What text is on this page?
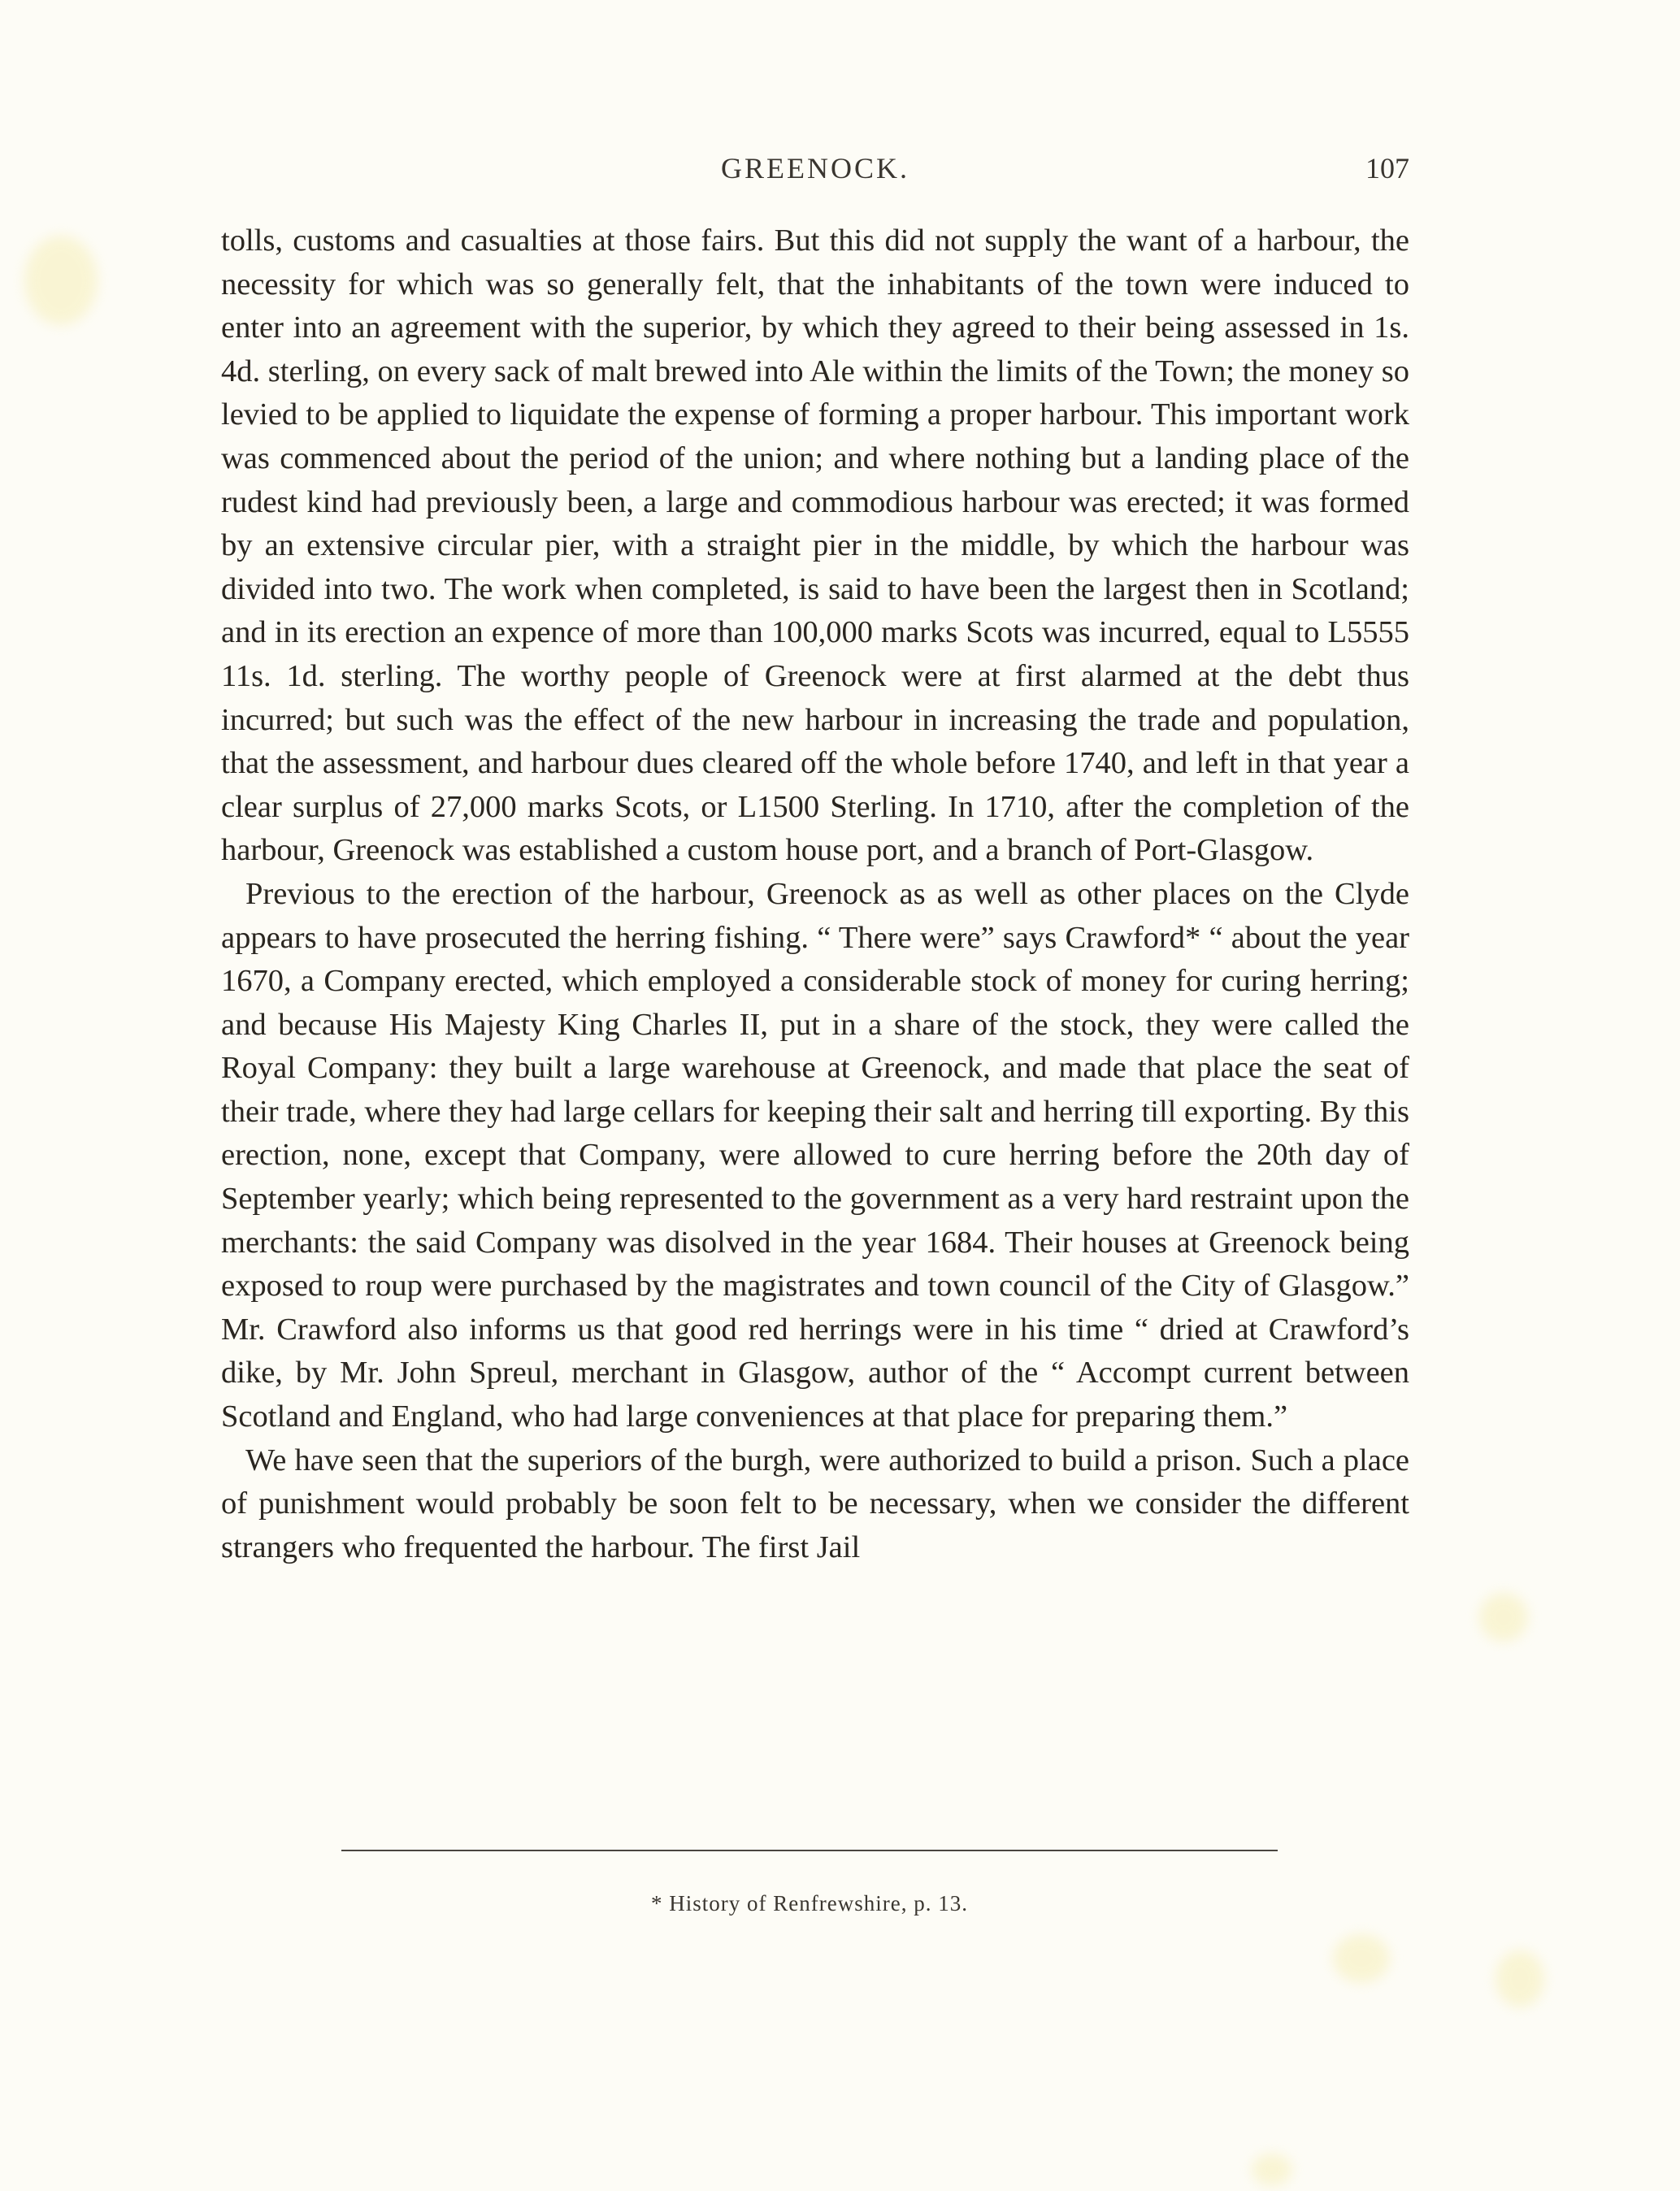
GREENOCK.	107

tolls, customs and casualties at those fairs. But this did not supply the want of a harbour, the necessity for which was so generally felt, that the inhabitants of the town were induced to enter into an agreement with the superior, by which they agreed to their being assessed in 1s. 4d. sterling, on every sack of malt brewed into Ale within the limits of the Town; the money so levied to be applied to liquidate the expense of forming a proper harbour. This important work was commenced about the period of the union; and where nothing but a landing place of the rudest kind had previously been, a large and commodious harbour was erected; it was formed by an extensive circular pier, with a straight pier in the middle, by which the harbour was divided into two. The work when completed, is said to have been the largest then in Scotland; and in its erection an expence of more than 100,000 marks Scots was incurred, equal to L5555 11s. 1d. sterling. The worthy people of Greenock were at first alarmed at the debt thus incurred; but such was the effect of the new harbour in increasing the trade and population, that the assessment, and harbour dues cleared off the whole before 1740, and left in that year a clear surplus of 27,000 marks Scots, or L1500 Sterling. In 1710, after the completion of the harbour, Greenock was established a custom house port, and a branch of Port-Glasgow.

Previous to the erection of the harbour, Greenock as as well as other places on the Clyde appears to have prosecuted the herring fishing. “ There were” says Crawford* “ about the year 1670, a Company erected, which employed a considerable stock of money for curing herring; and because His Majesty King Charles II, put in a share of the stock, they were called the Royal Company: they built a large warehouse at Greenock, and made that place the seat of their trade, where they had large cellars for keeping their salt and herring till exporting. By this erection, none, except that Company, were allowed to cure herring before the 20th day of September yearly; which being represented to the government as a very hard restraint upon the merchants: the said Company was disolved in the year 1684. Their houses at Greenock being exposed to roup were purchased by the magistrates and town council of the City of Glasgow.” Mr. Crawford also informs us that good red herrings were in his time “ dried at Crawford’s dike, by Mr. John Spreul, merchant in Glasgow, author of the “ Accompt current between Scotland and England, who had large conveniences at that place for preparing them.”

We have seen that the superiors of the burgh, were authorized to build a prison. Such a place of punishment would probably be soon felt to be necessary, when we consider the different strangers who frequented the harbour. The first Jail

* History of Renfrewshire, p. 13.
